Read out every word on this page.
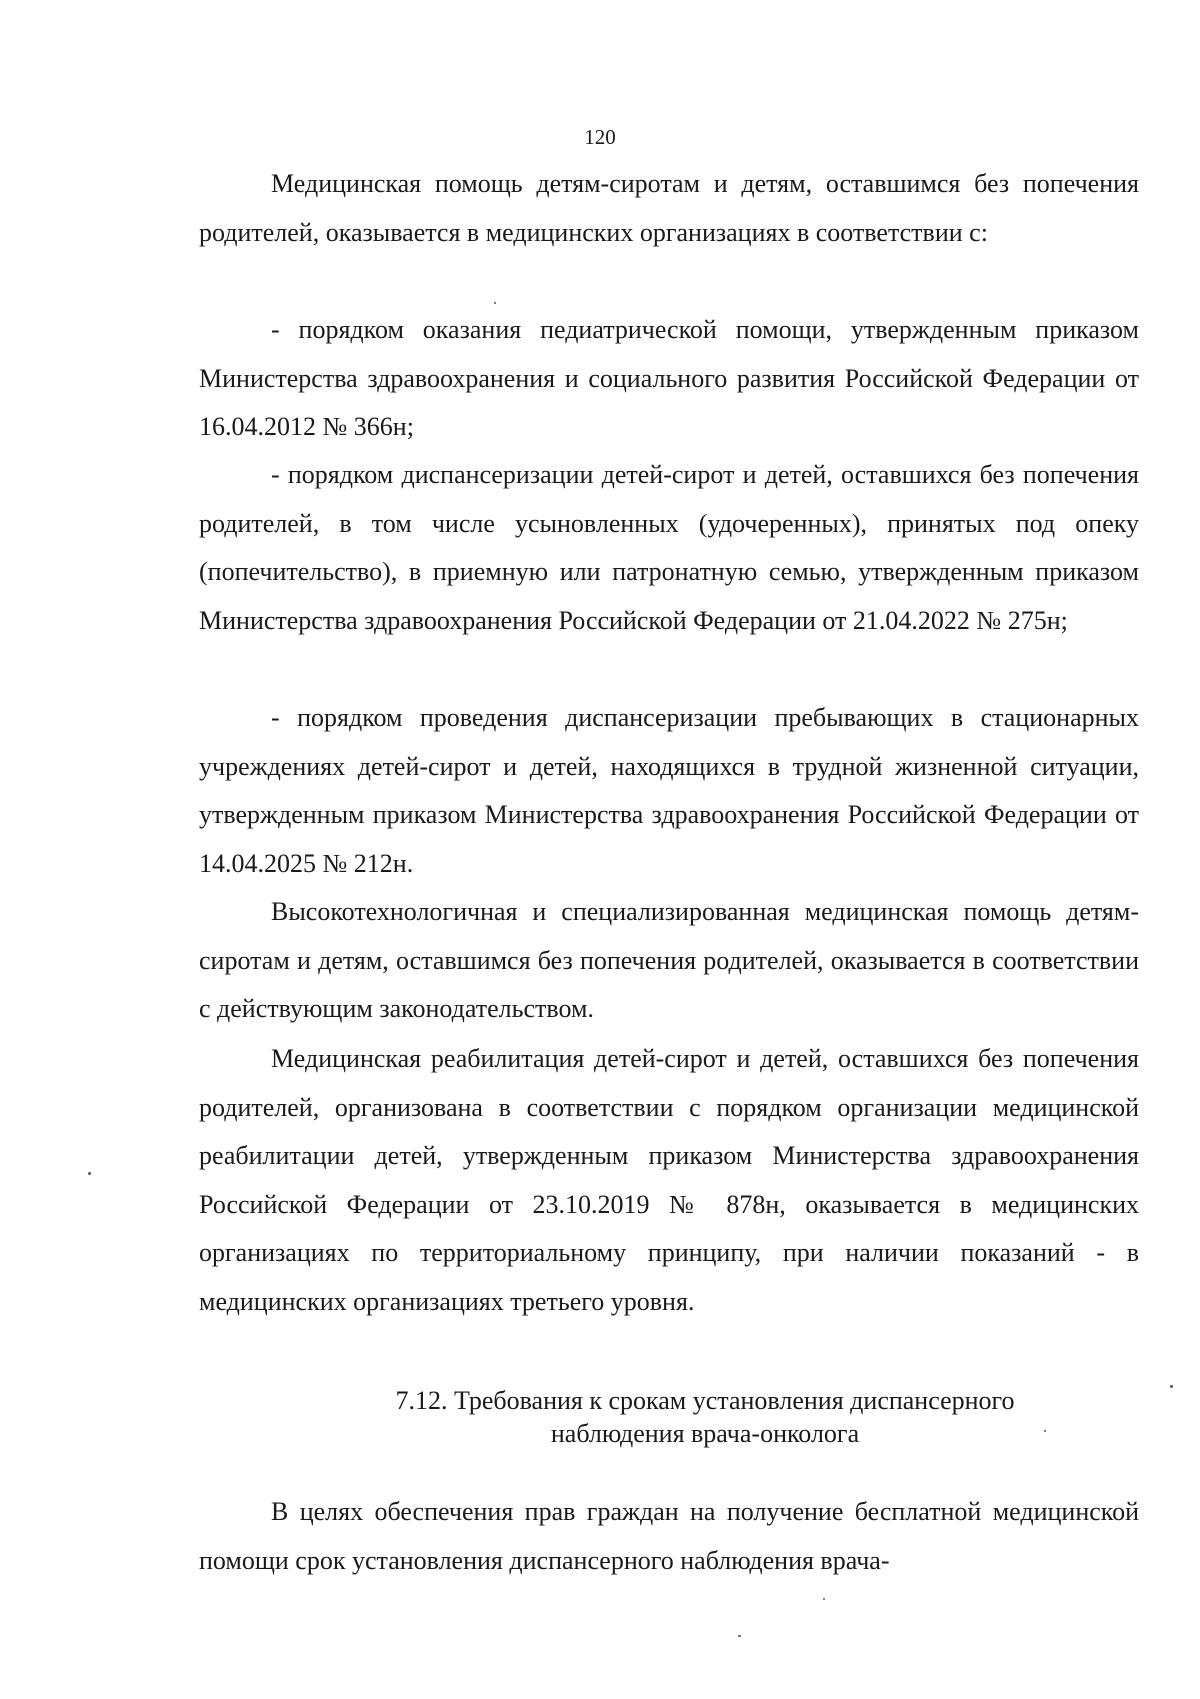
120

Медицинская помощь детям-сиротам и детям, оставшимся без попечения родителей, оказывается в медицинских организациях в соответствии с:

- порядком оказания педиатрической помощи, утвержденным приказом Министерства здравоохранения и социального развития Российской Федерации от 16.04.2012 № 366н;

- порядком диспансеризации детей-сирот и детей, оставшихся без попечения родителей, в том числе усыновленных (удочеренных), принятых под опеку (попечительство), в приемную или патронатную семью, утвержденным приказом Министерства здравоохранения Российской Федерации от 21.04.2022 № 275н;

- порядком проведения диспансеризации пребывающих в стационарных учреждениях детей-сирот и детей, находящихся в трудной жизненной ситуации, утвержденным приказом Министерства здравоохранения Российской Федерации от 14.04.2025 № 212н.

Высокотехнологичная и специализированная медицинская помощь детям-сиротам и детям, оставшимся без попечения родителей, оказывается в соответствии с действующим законодательством.

Медицинская реабилитация детей-сирот и детей, оставшихся без попечения родителей, организована в соответствии с порядком организации медицинской реабилитации детей, утвержденным приказом Министерства здравоохранения Российской Федерации от 23.10.2019 № 878н, оказывается в медицинских организациях по территориальному принципу, при наличии показаний - в медицинских организациях третьего уровня.

7.12. Требования к срокам установления диспансерного
наблюдения врача-онколога

В целях обеспечения прав граждан на получение бесплатной медицинской помощи срок установления диспансерного наблюдения врача-
